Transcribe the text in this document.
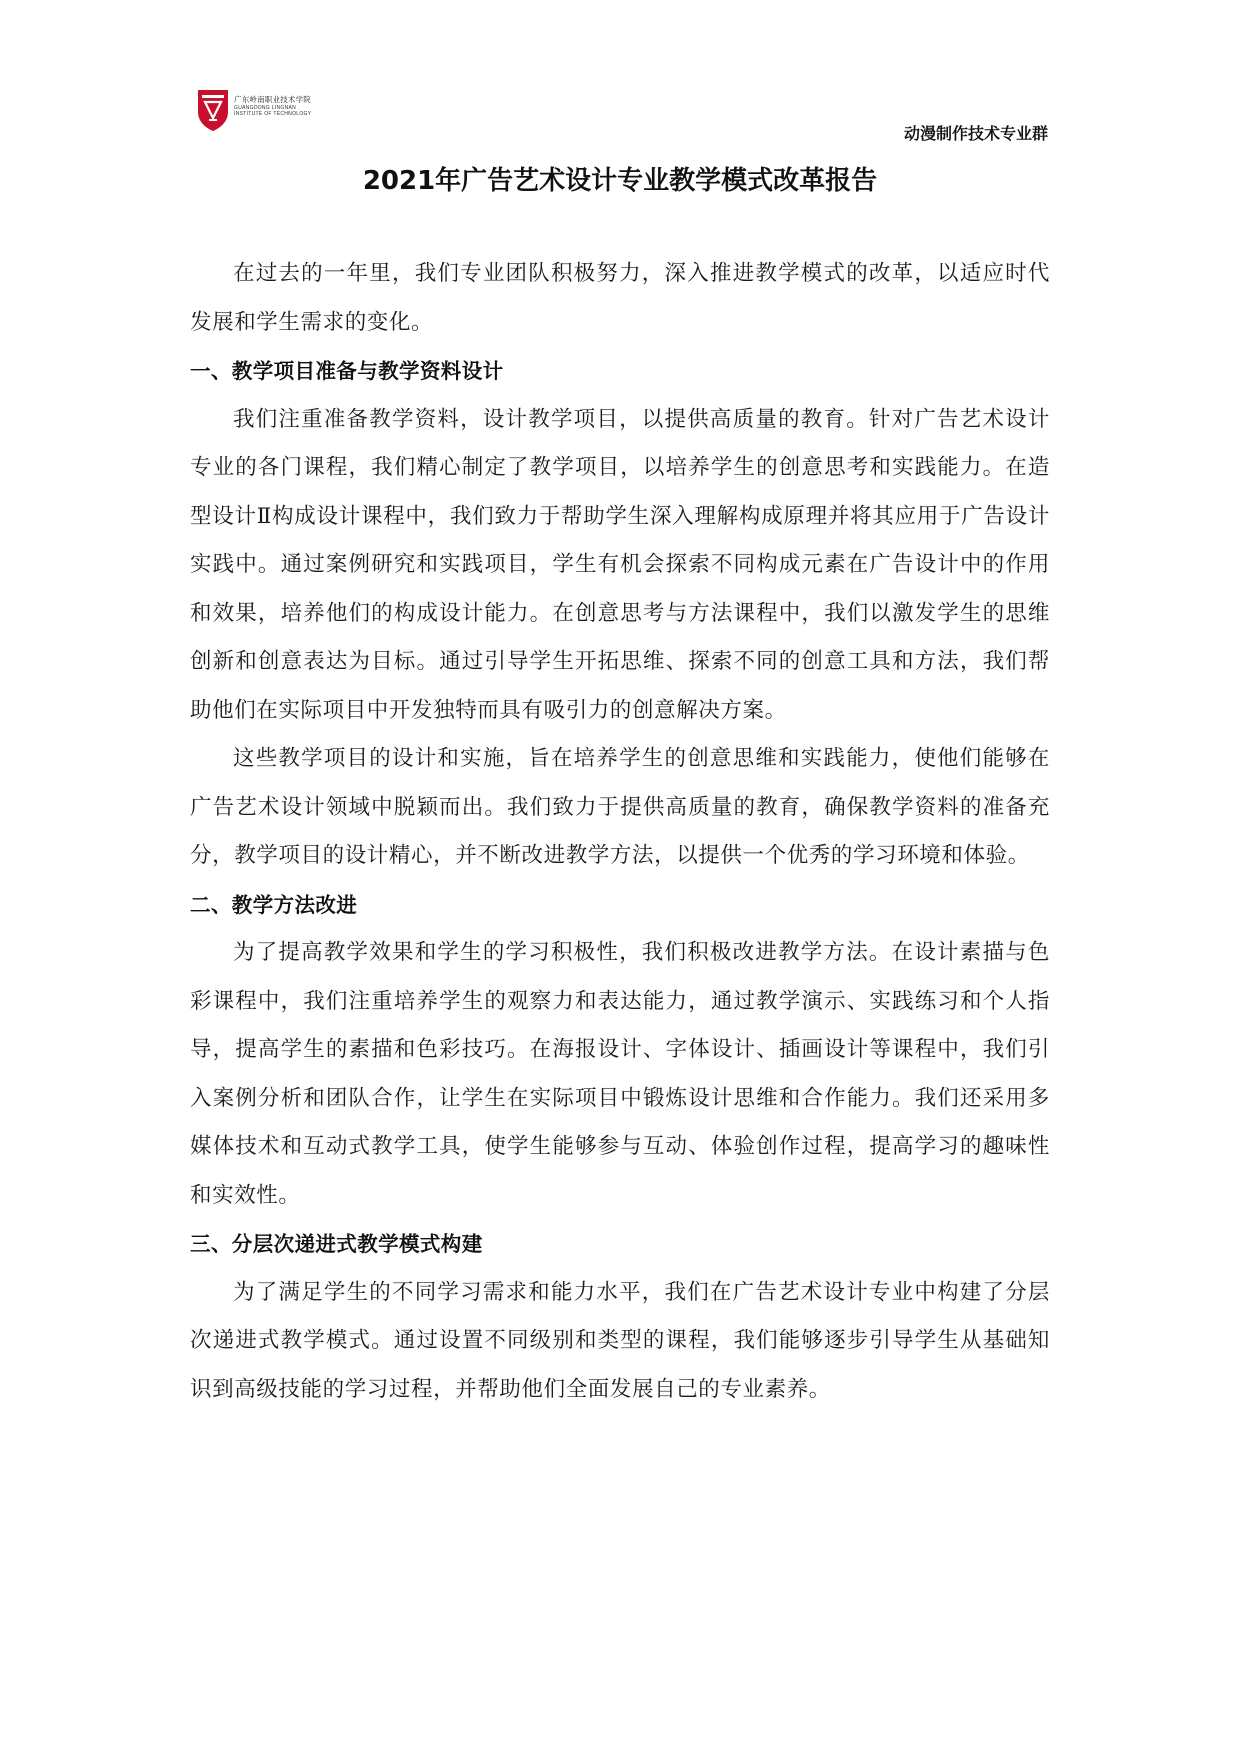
广东岭南职业技术学院
GUANGDONG LINGNAN
INSTITUTE OF TECHNOLOGY
动漫制作技术专业群
2021年广告艺术设计专业教学模式改革报告

在过去的一年里，我们专业团队积极努力，深入推进教学模式的改革，以适应时代发展和学生需求的变化。

一、教学项目准备与教学资料设计

我们注重准备教学资料，设计教学项目，以提供高质量的教育。针对广告艺术设计专业的各门课程，我们精心制定了教学项目，以培养学生的创意思考和实践能力。在造型设计Ⅱ构成设计课程中，我们致力于帮助学生深入理解构成原理并将其应用于广告设计实践中。通过案例研究和实践项目，学生有机会探索不同构成元素在广告设计中的作用和效果，培养他们的构成设计能力。在创意思考与方法课程中，我们以激发学生的思维创新和创意表达为目标。通过引导学生开拓思维、探索不同的创意工具和方法，我们帮助他们在实际项目中开发独特而具有吸引力的创意解决方案。

这些教学项目的设计和实施，旨在培养学生的创意思维和实践能力，使他们能够在广告艺术设计领域中脱颖而出。我们致力于提供高质量的教育，确保教学资料的准备充分，教学项目的设计精心，并不断改进教学方法，以提供一个优秀的学习环境和体验。

二、教学方法改进

为了提高教学效果和学生的学习积极性，我们积极改进教学方法。在设计素描与色彩课程中，我们注重培养学生的观察力和表达能力，通过教学演示、实践练习和个人指导，提高学生的素描和色彩技巧。在海报设计、字体设计、插画设计等课程中，我们引入案例分析和团队合作，让学生在实际项目中锻炼设计思维和合作能力。我们还采用多媒体技术和互动式教学工具，使学生能够参与互动、体验创作过程，提高学习的趣味性和实效性。

三、分层次递进式教学模式构建

为了满足学生的不同学习需求和能力水平，我们在广告艺术设计专业中构建了分层次递进式教学模式。通过设置不同级别和类型的课程，我们能够逐步引导学生从基础知识到高级技能的学习过程，并帮助他们全面发展自己的专业素养。
